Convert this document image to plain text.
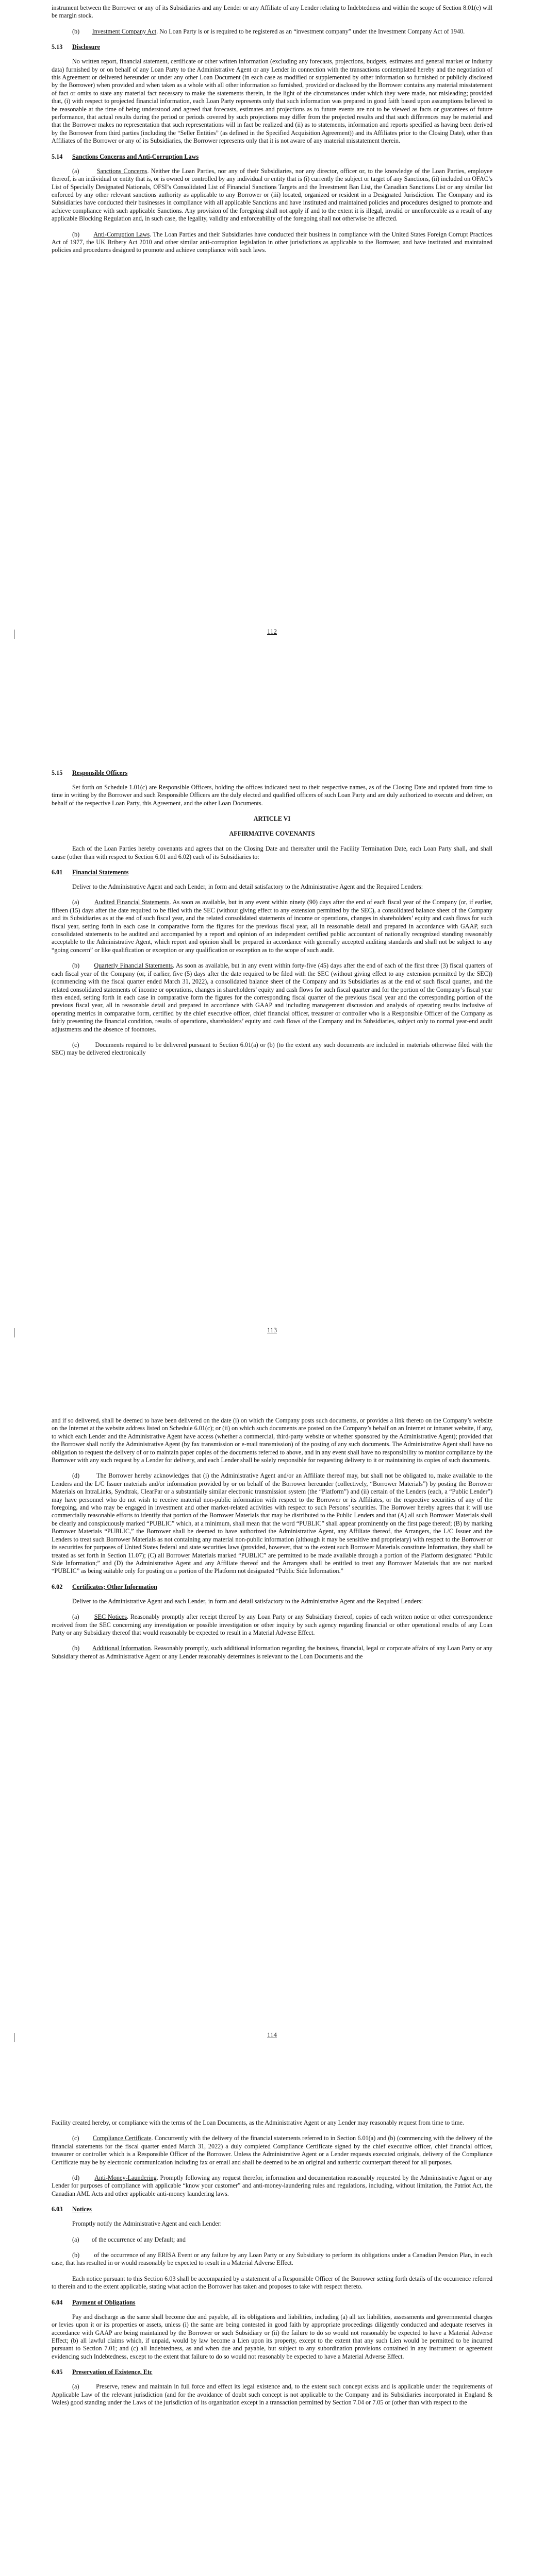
instrument between the Borrower or any of its Subsidiaries and any Lender or any Affiliate of any Lender relating to Indebtedness and within the scope of Section 8.01(e) will be margin stock.

(b) Investment Company Act. No Loan Party is or is required to be registered as an “investment company” under the Investment Company Act of 1940.

5.13 Disclosure

No written report, financial statement, certificate or other written information (excluding any forecasts, projections, budgets, estimates and general market or industry data) furnished by or on behalf of any Loan Party to the Administrative Agent or any Lender in connection with the transactions contemplated hereby and the negotiation of this Agreement or delivered hereunder or under any other Loan Document (in each case as modified or supplemented by other information so furnished or publicly disclosed by the Borrower) when provided and when taken as a whole with all other information so furnished, provided or disclosed by the Borrower contains any material misstatement of fact or omits to state any material fact necessary to make the statements therein, in the light of the circumstances under which they were made, not misleading; provided that, (i) with respect to projected financial information, each Loan Party represents only that such information was prepared in good faith based upon assumptions believed to be reasonable at the time of being understood and agreed that forecasts, estimates and projections as to future events are not to be viewed as facts or guarantees of future performance, that actual results during the period or periods covered by such projections may differ from the projected results and that such differences may be material and that the Borrower makes no representation that such representations will in fact be realized and (ii) as to statements, information and reports specified as having been derived by the Borrower from third parties (including the “Seller Entities” (as defined in the Specified Acquisition Agreement)) and its Affiliates prior to the Closing Date), other than Affiliates of the Borrower or any of its Subsidiaries, the Borrower represents only that it is not aware of any material misstatement therein.

5.14 Sanctions Concerns and Anti-Corruption Laws

(a)	Sanctions Concerns. Neither the Loan Parties, nor any of their Subsidiaries, nor any director, officer or, to the knowledge of the Loan Parties, employee thereof, is an individual or entity that is, or is owned or controlled by any individual or entity that is (i) currently the subject or target of any Sanctions, (ii) included on OFAC’s List of Specially Designated Nationals, OFSI’s Consolidated List of Financial Sanctions Targets and the Investment Ban List, the Canadian Sanctions List or any similar list enforced by any other relevant sanctions authority as applicable to any Borrower or (iii) located, organized or resident in a Designated Jurisdiction. The Company and its Subsidiaries have conducted their businesses in compliance with all applicable Sanctions and have instituted and maintained policies and procedures designed to promote and achieve compliance with such applicable Sanctions. Any provision of the foregoing shall not apply if and to the extent it is illegal, invalid or unenforceable as a result of any applicable Blocking Regulation and, in such case, the legality, validity and enforceability of the foregoing shall not otherwise be affected.

(b) Anti-Corruption Laws. The Loan Parties and their Subsidiaries have conducted their business in compliance with the United States Foreign Corrupt Practices Act of 1977, the UK Bribery Act 2010 and other similar anti-corruption legislation in other jurisdictions as applicable to the Borrower, and have instituted and maintained policies and procedures designed to promote and achieve compliance with such laws.

112
5.15 Responsible Officers

Set forth on Schedule 1.01(c) are Responsible Officers, holding the offices indicated next to their respective names, as of the Closing Date and updated from time to time in writing by the Borrower and such Responsible Officers are the duly elected and qualified officers of such Loan Party and are duly authorized to execute and deliver, on behalf of the respective Loan Party, this Agreement, and the other Loan Documents.

ARTICLE VI
AFFIRMATIVE COVENANTS

Each of the Loan Parties hereby covenants and agrees that on the Closing Date and thereafter until the Facility Termination Date, each Loan Party shall, and shall cause (other than with respect to Section 6.01 and 6.02) each of its Subsidiaries to:

6.01 Financial Statements

Deliver to the Administrative Agent and each Lender, in form and detail satisfactory to the Administrative Agent and the Required Lenders:

(a) Audited Financial Statements. As soon as available, but in any event within ninety (90) days after the end of each fiscal year of the Company (or, if earlier, fifteen (15) days after the date required to be filed with the SEC (without giving effect to any extension permitted by the SEC), a consolidated balance sheet of the Company and its Subsidiaries as at the end of such fiscal year, and the related consolidated statements of income or operations, changes in shareholders’ equity and cash flows for such fiscal year, setting forth in each case in comparative form the figures for the previous fiscal year, all in reasonable detail and prepared in accordance with GAAP, such consolidated statements to be audited and accompanied by a report and opinion of an independent certified public accountant of nationally recognized standing reasonably acceptable to the Administrative Agent, which report and opinion shall be prepared in accordance with generally accepted auditing standards and shall not be subject to any “going concern” or like qualification or exception or any qualification or exception as to the scope of such audit.

(b) Quarterly Financial Statements. As soon as available, but in any event within forty-five (45) days after the end of each of the first three (3) fiscal quarters of each fiscal year of the Company (or, if earlier, five (5) days after the date required to be filed with the SEC (without giving effect to any extension permitted by the SEC)) (commencing with the fiscal quarter ended March 31, 2022), a consolidated balance sheet of the Company and its Subsidiaries as at the end of such fiscal quarter, and the related consolidated statements of income or operations, changes in shareholders’ equity and cash flows for such fiscal quarter and for the portion of the Company’s fiscal year then ended, setting forth in each case in comparative form the figures for the corresponding fiscal quarter of the previous fiscal year and the corresponding portion of the previous fiscal year, all in reasonable detail and prepared in accordance with GAAP and including management discussion and analysis of operating results inclusive of operating metrics in comparative form, certified by the chief executive officer, chief financial officer, treasurer or controller who is a Responsible Officer of the Company as fairly presenting the financial condition, results of operations, shareholders’ equity and cash flows of the Company and its Subsidiaries, subject only to normal year-end audit adjustments and the absence of footnotes.

(c)	Documents required to be delivered pursuant to Section 6.01(a) or (b) (to the extent any such documents are included in materials otherwise filed with the SEC) may be delivered electronically

113

and if so delivered, shall be deemed to have been delivered on the date (i) on which the Company posts such documents, or provides a link thereto on the Company’s website on the Internet at the website address listed on Schedule 6.01(c); or (ii) on which such documents are posted on the Company’s behalf on an Internet or intranet website, if any, to which each Lender and the Administrative Agent have access (whether a commercial, third-party website or whether sponsored by the Administrative Agent); provided that the Borrower shall notify the Administrative Agent (by fax transmission or e-mail transmission) of the posting of any such documents. The Administrative Agent shall have no obligation to request the delivery of or to maintain paper copies of the documents referred to above, and in any event shall have no responsibility to monitor compliance by the Borrower with any such request by a Lender for delivery, and each Lender shall be solely responsible for requesting delivery to it or maintaining its copies of such documents.

(d)	The Borrower hereby acknowledges that (i) the Administrative Agent and/or an Affiliate thereof may, but shall not be obligated to, make available to the Lenders and the L/C Issuer materials and/or information provided by or on behalf of the Borrower hereunder (collectively, “Borrower Materials”) by posting the Borrower Materials on IntraLinks, Syndtrak, ClearPar or a substantially similar electronic transmission system (the “Platform”) and (ii) certain of the Lenders (each, a “Public Lender”) may have personnel who do not wish to receive material non-public information with respect to the Borrower or its Affiliates, or the respective securities of any of the foregoing, and who may be engaged in investment and other market-related activities with respect to such Persons’ securities. The Borrower hereby agrees that it will use commercially reasonable efforts to identify that portion of the Borrower Materials that may be distributed to the Public Lenders and that (A) all such Borrower Materials shall be clearly and conspicuously marked “PUBLIC” which, at a minimum, shall mean that the word “PUBLIC” shall appear prominently on the first page thereof; (B) by marking Borrower Materials “PUBLIC,” the Borrower shall be deemed to have authorized the Administrative Agent, any Affiliate thereof, the Arrangers, the L/C Issuer and the Lenders to treat such Borrower Materials as not containing any material non-public information (although it may be sensitive and proprietary) with respect to the Borrower or its securities for purposes of United States federal and state securities laws (provided, however, that to the extent such Borrower Materials constitute Information, they shall be treated as set forth in Section 11.07); (C) all Borrower Materials marked “PUBLIC” are permitted to be made available through a portion of the Platform designated “Public Side Information;” and (D) the Administrative Agent and any Affiliate thereof and the Arrangers shall be entitled to treat any Borrower Materials that are not marked “PUBLIC” as being suitable only for posting on a portion of the Platform not designated “Public Side Information.”

6.02 Certificates; Other Information

Deliver to the Administrative Agent and each Lender, in form and detail satisfactory to the Administrative Agent and the Required Lenders:

(a) SEC Notices. Reasonably promptly after receipt thereof by any Loan Party or any Subsidiary thereof, copies of each written notice or other correspondence received from the SEC concerning any investigation or possible investigation or other inquiry by such agency regarding financial or other operational results of any Loan Party or any Subsidiary thereof that would reasonably be expected to result in a Material Adverse Effect.

(b) Additional Information. Reasonably promptly, such additional information regarding the business, financial, legal or corporate affairs of any Loan Party or any Subsidiary thereof as Administrative Agent or any Lender reasonably determines is relevant to the Loan Documents and the

114

Facility created hereby, or compliance with the terms of the Loan Documents, as the Administrative Agent or any Lender may reasonably request from time to time.

(c) Compliance Certificate. Concurrently with the delivery of the financial statements referred to in Section 6.01(a) and (b) (commencing with the delivery of the financial statements for the fiscal quarter ended March 31, 2022) a duly completed Compliance Certificate signed by the chief executive officer, chief financial officer, treasurer or controller which is a Responsible Officer of the Borrower. Unless the Administrative Agent or a Lender requests executed originals, delivery of the Compliance Certificate may be by electronic communication including fax or email and shall be deemed to be an original and authentic counterpart thereof for all purposes.

(d) Anti-Money-Laundering. Promptly following any request therefor, information and documentation reasonably requested by the Administrative Agent or any Lender for purposes of compliance with applicable “know your customer” and anti-money-laundering rules and regulations, including, without limitation, the Patriot Act, the Canadian AML Acts and other applicable anti-money laundering laws.

6.03 Notices

Promptly notify the Administrative Agent and each Lender:

(a) of the occurrence of any Default; and

(b) of the occurrence of any ERISA Event or any failure by any Loan Party or any Subsidiary to perform its obligations under a Canadian Pension Plan, in each case, that has resulted in or would reasonably be expected to result in a Material Adverse Effect.

Each notice pursuant to this Section 6.03 shall be accompanied by a statement of a Responsible Officer of the Borrower setting forth details of the occurrence referred to therein and to the extent applicable, stating what action the Borrower has taken and proposes to take with respect thereto.

6.04 Payment of Obligations

Pay and discharge as the same shall become due and payable, all its obligations and liabilities, including (a) all tax liabilities, assessments and governmental charges or levies upon it or its properties or assets, unless (i) the same are being contested in good faith by appropriate proceedings diligently conducted and adequate reserves in accordance with GAAP are being maintained by the Borrower or such Subsidiary or (ii) the failure to do so would not reasonably be expected to have a Material Adverse Effect; (b) all lawful claims which, if unpaid, would by law become a Lien upon its property, except to the extent that any such Lien would be permitted to be incurred pursuant to Section 7.01; and (c) all Indebtedness, as and when due and payable, but subject to any subordination provisions contained in any instrument or agreement evidencing such Indebtedness, except to the extent that failure to do so would not reasonably be expected to have a Material Adverse Effect.

6.05 Preservation of Existence, Etc

(a)	Preserve, renew and maintain in full force and effect its legal existence and, to the extent such concept exists and is applicable under the requirements of Applicable Law of the relevant jurisdiction (and for the avoidance of doubt such concept is not applicable to the Company and its Subsidiaries incorporated in England & Wales) good standing under the Laws of the jurisdiction of its organization except in a transaction permitted by Section 7.04 or 7.05 or (other than with respect to the
